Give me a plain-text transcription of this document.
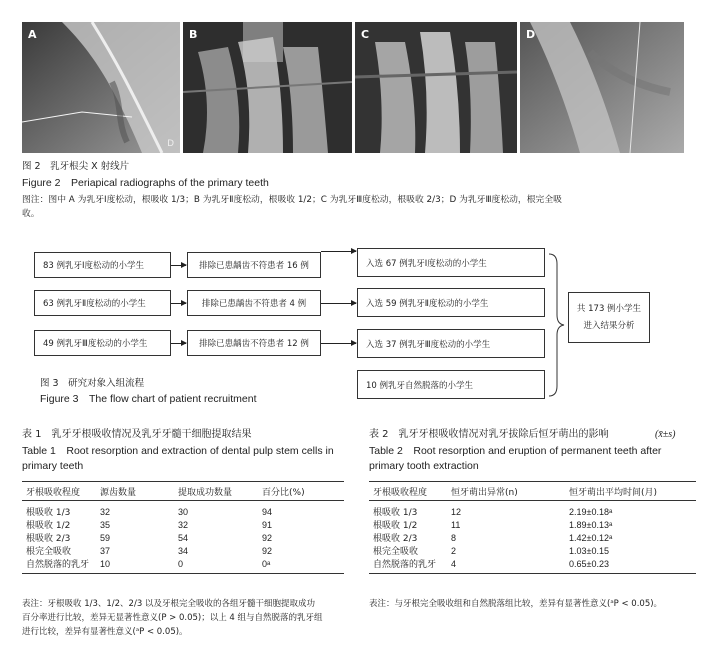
A
D
B	C	D
图 2　乳牙根尖 X 射线片
Figure 2　Periapical radiographs of the primary teeth
图注：图中 A 为乳牙Ⅰ度松动，根吸收 1/3；B 为乳牙Ⅱ度松动，根吸收 1/2；C 为乳牙Ⅲ度松动，根吸收 2/3；D 为乳牙Ⅲ度松动，根完全吸
收。
83 例乳牙Ⅰ度松动的小学生
63 例乳牙Ⅱ度松动的小学生
49 例乳牙Ⅲ度松动的小学生
排除已患龋齿不符患者 16 例
排除已患龋齿不符患者 4 例
排除已患龋齿不符患者 12 例
入选 67 例乳牙Ⅰ度松动的小学生
入选 59 例乳牙Ⅱ度松动的小学生
入选 37 例乳牙Ⅲ度松动的小学生
10 例乳牙自然脱落的小学生
共 173 例小学生
进入结果分析
图 3　研究对象入组流程
Figure 3　The flow chart of patient recruitment
表 1　乳牙牙根吸收情况及乳牙牙髓干细胞提取结果
Table 1　Root resorption and extraction of dental pulp stem cells in
primary teeth
牙根吸收程度	源齿数量	提取成功数量	百分比(%)
根吸收 1/3	32	30	94
根吸收 1/2	35	32	91
根吸收 2/3	59	54	92
根完全吸收	37	34	92
自然脱落的乳牙	10	0	0ᵃ
表注：牙根吸收 1/3、1/2、2/3 以及牙根完全吸收的各组牙髓干细胞提取成功
百分率进行比较，差异无显著性意义(P > 0.05)；以上 4 组与自然脱落的乳牙组
进行比较，差异有显著性意义(ᵃP < 0.05)。
表 2　乳牙牙根吸收情况对乳牙拔除后恒牙萌出的影响	(x̄±s)
Table 2　Root resorption and eruption of permanent teeth after
primary tooth extraction
牙根吸收程度	恒牙萌出异常(n)	恒牙萌出平均时间(月)
根吸收 1/3	12	2.19±0.18ᵃ
根吸收 1/2	11	1.89±0.13ᵃ
根吸收 2/3	8	1.42±0.12ᵃ
根完全吸收	2	1.03±0.15
自然脱落的乳牙	4	0.65±0.23
表注：与牙根完全吸收组和自然脱落组比较，差异有显著性意义(ᵃP < 0.05)。
